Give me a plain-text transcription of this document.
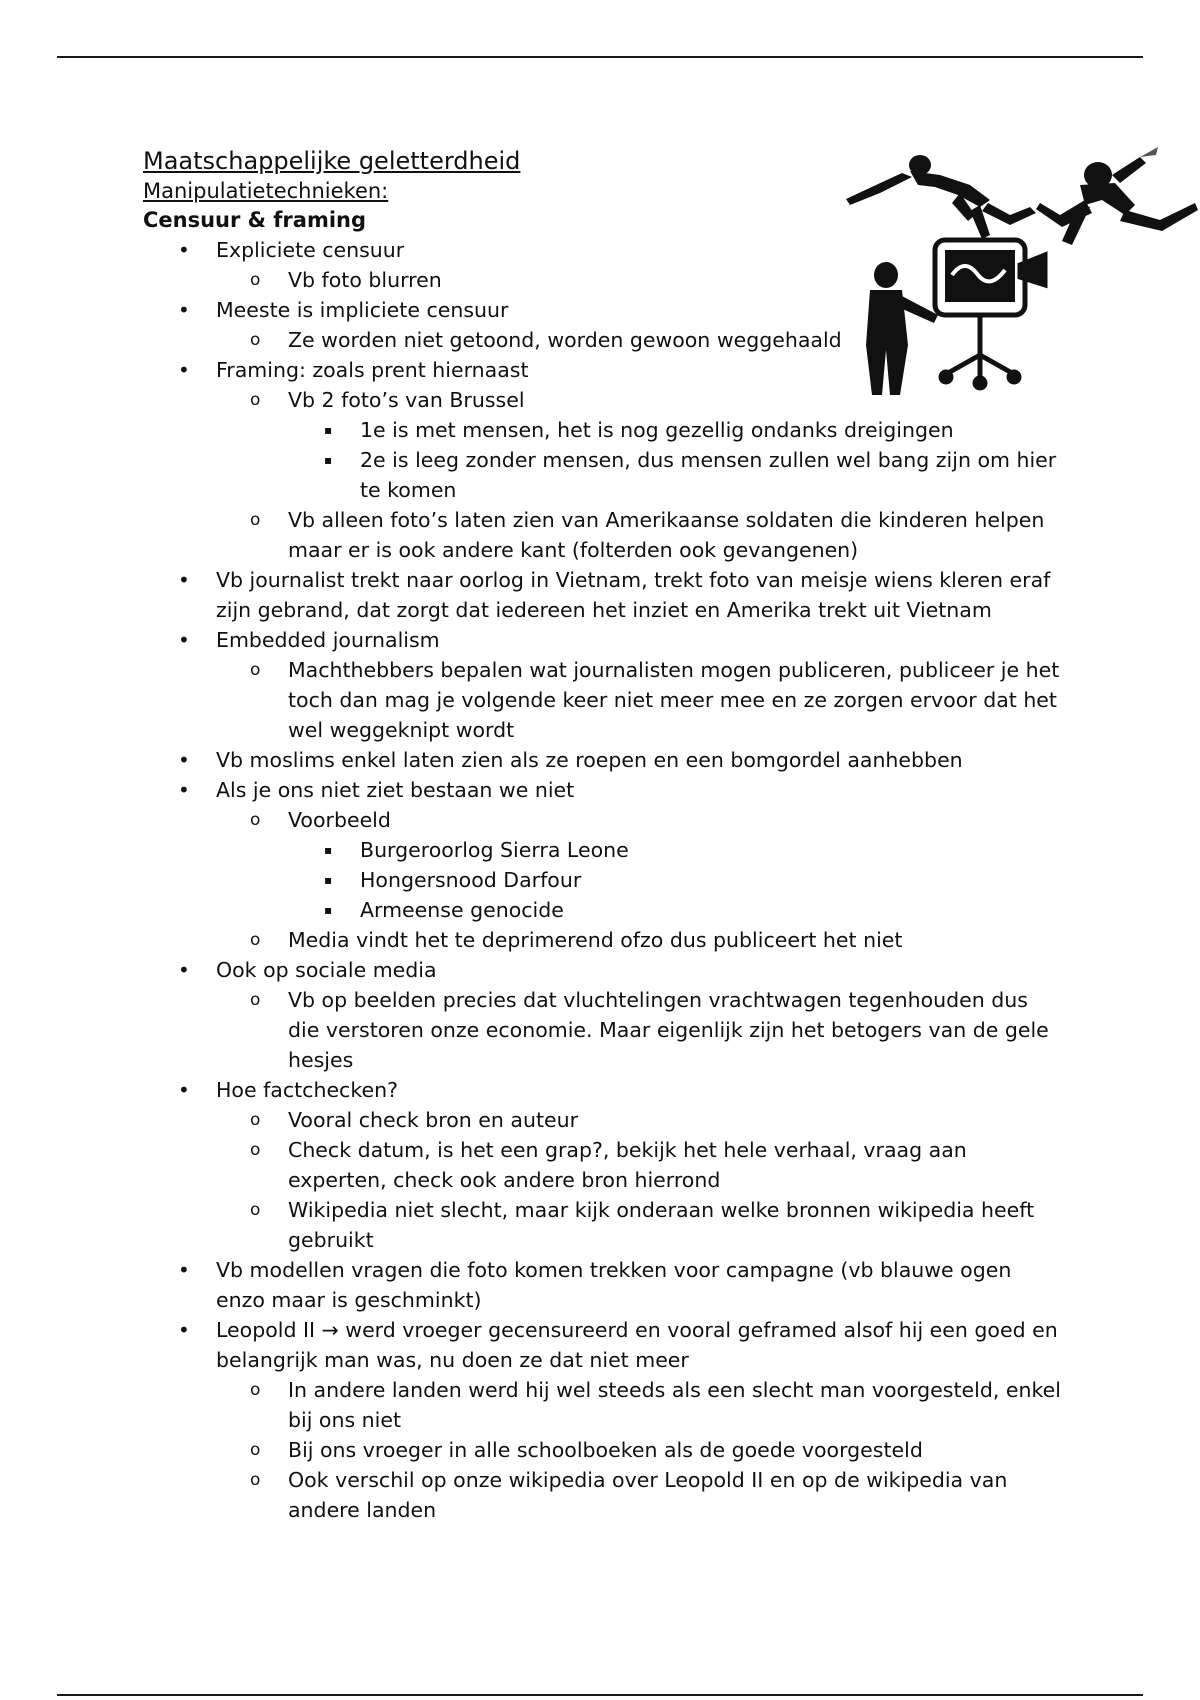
Maatschappelijke geletterdheid
Manipulatietechnieken:
Censuur & framing
• Expliciete censuur
o Vb foto blurren
• Meeste is impliciete censuur
o Ze worden niet getoond, worden gewoon weggehaald
• Framing: zoals prent hiernaast
o Vb 2 foto’s van Brussel
▪ 1e is met mensen, het is nog gezellig ondanks dreigingen
▪ 2e is leeg zonder mensen, dus mensen zullen wel bang zijn om hier te komen
o Vb alleen foto’s laten zien van Amerikaanse soldaten die kinderen helpen maar er is ook andere kant (folterden ook gevangenen)
• Vb journalist trekt naar oorlog in Vietnam, trekt foto van meisje wiens kleren eraf zijn gebrand, dat zorgt dat iedereen het inziet en Amerika trekt uit Vietnam
• Embedded journalism
o Machthebbers bepalen wat journalisten mogen publiceren, publiceer je het toch dan mag je volgende keer niet meer mee en ze zorgen ervoor dat het wel weggeknipt wordt
• Vb moslims enkel laten zien als ze roepen en een bomgordel aanhebben
• Als je ons niet ziet bestaan we niet
o Voorbeeld
▪ Burgeroorlog Sierra Leone
▪ Hongersnood Darfour
▪ Armeense genocide
o Media vindt het te deprimerend ofzo dus publiceert het niet
• Ook op sociale media
o Vb op beelden precies dat vluchtelingen vrachtwagen tegenhouden dus die verstoren onze economie. Maar eigenlijk zijn het betogers van de gele hesjes
• Hoe factchecken?
o Vooral check bron en auteur
o Check datum, is het een grap?, bekijk het hele verhaal, vraag aan experten, check ook andere bron hierrond
o Wikipedia niet slecht, maar kijk onderaan welke bronnen wikipedia heeft gebruikt
• Vb modellen vragen die foto komen trekken voor campagne (vb blauwe ogen enzo maar is geschminkt)
• Leopold II → werd vroeger gecensureerd en vooral geframed alsof hij een goed en belangrijk man was, nu doen ze dat niet meer
o In andere landen werd hij wel steeds als een slecht man voorgesteld, enkel bij ons niet
o Bij ons vroeger in alle schoolboeken als de goede voorgesteld
o Ook verschil op onze wikipedia over Leopold II en op de wikipedia van andere landen
